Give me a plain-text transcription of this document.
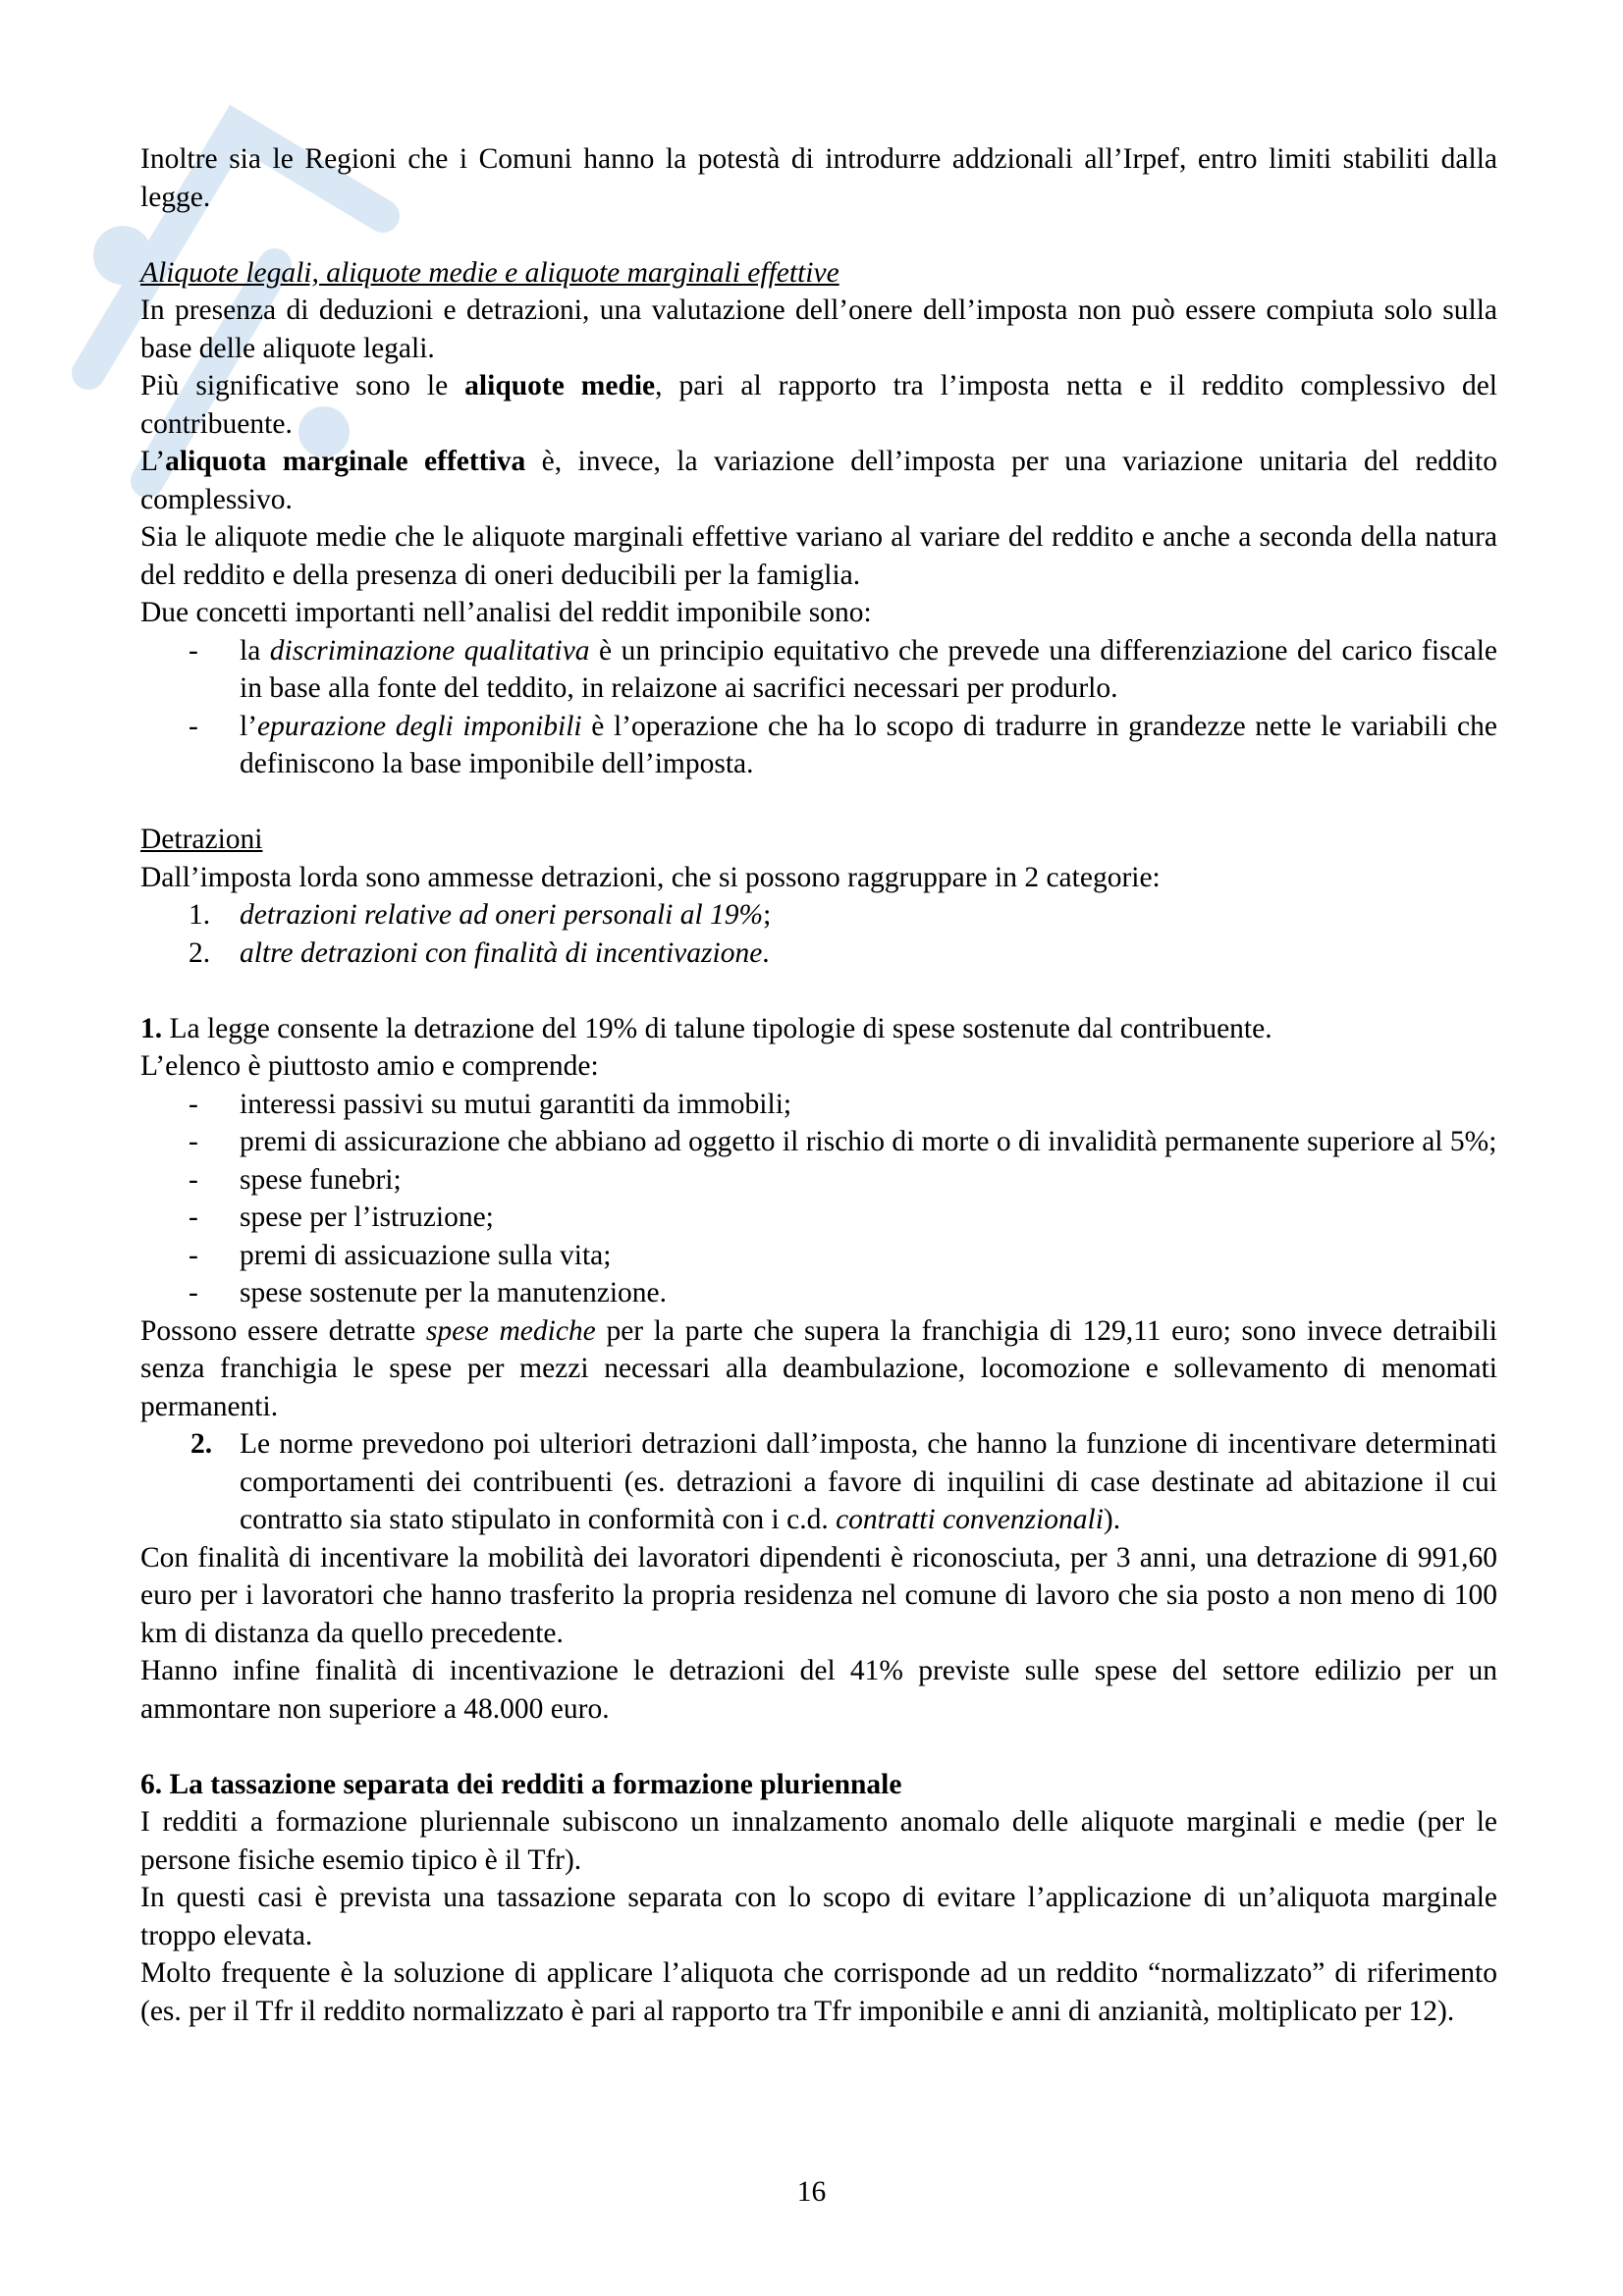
Inoltre sia le Regioni che i Comuni hanno la potestà di introdurre addzionali all’Irpef, entro limiti stabiliti dalla legge.

Aliquote legali, aliquote medie e aliquote marginali effettive

In presenza di deduzioni e detrazioni, una valutazione dell’onere dell’imposta non può essere compiuta solo sulla base delle aliquote legali.

Più significative sono le aliquote medie, pari al rapporto tra l’imposta netta e il reddito complessivo del contribuente.

L’aliquota marginale effettiva è, invece, la variazione dell’imposta per una variazione unitaria del reddito complessivo.

Sia le aliquote medie che le aliquote marginali effettive variano al variare del reddito e anche a seconda della natura del reddito e della presenza di oneri deducibili per la famiglia.

Due concetti importanti nell’analisi del reddit imponibile sono:

- la discriminazione qualitativa è un principio equitativo che prevede una differenziazione del carico fiscale in base alla fonte del teddito, in relaizone ai sacrifici necessari per produrlo.
- l’epurazione degli imponibili è l’operazione che ha lo scopo di tradurre in grandezze nette le variabili che definiscono la base imponibile dell’imposta.

Detrazioni

Dall’imposta lorda sono ammesse detrazioni, che si possono raggruppare in 2 categorie:

1. detrazioni relative ad oneri personali al 19%;
2. altre detrazioni con finalità di incentivazione.

1. La legge consente la detrazione del 19% di talune tipologie di spese sostenute dal contribuente.

L’elenco è piuttosto amio e comprende:

- interessi passivi su mutui garantiti da immobili;
- premi di assicurazione che abbiano ad oggetto il rischio di morte o di invalidità permanente superiore al 5%;
- spese funebri;
- spese per l’istruzione;
- premi di assicuazione sulla vita;
- spese sostenute per la manutenzione.

Possono essere detratte spese mediche per la parte che supera la franchigia di 129,11 euro; sono invece detraibili senza franchigia le spese per mezzi necessari alla deambulazione, locomozione e sollevamento di menomati permanenti.

2. Le norme prevedono poi ulteriori detrazioni dall’imposta, che hanno la funzione di incentivare determinati comportamenti dei contribuenti (es. detrazioni a favore di inquilini di case destinate ad abitazione il cui contratto sia stato stipulato in conformità con i c.d. contratti convenzionali).

Con finalità di incentivare la mobilità dei lavoratori dipendenti è riconosciuta, per 3 anni, una detrazione di 991,60 euro per i lavoratori che hanno trasferito la propria residenza nel comune di lavoro che sia posto a non meno di 100 km di distanza da quello precedente.

Hanno infine finalità di incentivazione le detrazioni del 41% previste sulle spese del settore edilizio per un ammontare non superiore a 48.000 euro.

6. La tassazione separata dei redditi a formazione pluriennale

I redditi a formazione pluriennale subiscono un innalzamento anomalo delle aliquote marginali e medie (per le persone fisiche esemio tipico è il Tfr).

In questi casi è prevista una tassazione separata con lo scopo di evitare l’applicazione di un’aliquota marginale troppo elevata.

Molto frequente è la soluzione di applicare l’aliquota che corrisponde ad un reddito “normalizzato” di riferimento (es. per il Tfr il reddito normalizzato è pari al rapporto tra Tfr imponibile e anni di anzianità, moltiplicato per 12).

16
